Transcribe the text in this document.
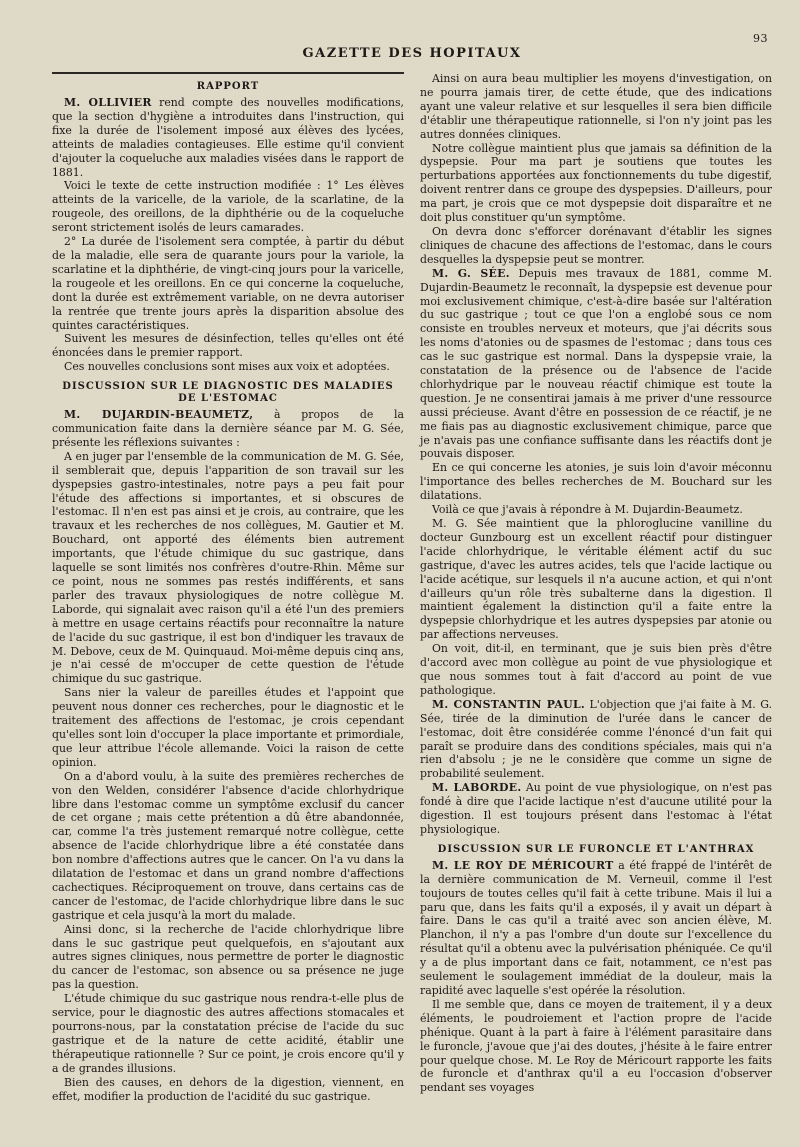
93
GAZETTE DES HOPITAUX
RAPPORT

M. OLLIVIER rend compte des nouvelles modifications, que la section d'hygiène a introduites dans l'instruction, qui fixe la durée de l'isolement imposé aux élèves des lycées, atteints de maladies contagieuses. Elle estime qu'il convient d'ajouter la coqueluche aux maladies visées dans le rapport de 1881.

Voici le texte de cette instruction modifiée : 1° Les élèves atteints de la varicelle, de la variole, de la scarlatine, de la rougeole, des oreillons, de la diphthérie ou de la coqueluche seront strictement isolés de leurs camarades.

2° La durée de l'isolement sera comptée, à partir du début de la maladie, elle sera de quarante jours pour la variole, la scarlatine et la diphthérie, de vingt-cinq jours pour la varicelle, la rougeole et les oreillons. En ce qui concerne la coqueluche, dont la durée est extrêmement variable, on ne devra autoriser la rentrée que trente jours après la disparition absolue des quintes caractéristiques.

Suivent les mesures de désinfection, telles qu'elles ont été énoncées dans le premier rapport.

Ces nouvelles conclusions sont mises aux voix et adoptées.

DISCUSSION SUR LE DIAGNOSTIC DES MALADIES DE L'ESTOMAC

M. DUJARDIN-BEAUMETZ, à propos de la communication faite dans la dernière séance par M. G. Sée, présente les réflexions suivantes :

A en juger par l'ensemble de la communication de M. G. Sée, il semblerait que, depuis l'apparition de son travail sur les dyspepsies gastro-intestinales, notre pays a peu fait pour l'étude des affections si importantes, et si obscures de l'estomac. Il n'en est pas ainsi et je crois, au contraire, que les travaux et les recherches de nos collègues, M. Gautier et M. Bouchard, ont apporté des éléments bien autrement importants, que l'étude chimique du suc gastrique, dans laquelle se sont limités nos confrères d'outre-Rhin. Même sur ce point, nous ne sommes pas restés indifférents, et sans parler des travaux physiologiques de notre collègue M. Laborde, qui signalait avec raison qu'il a été l'un des premiers à mettre en usage certains réactifs pour reconnaître la nature de l'acide du suc gastrique, il est bon d'indiquer les travaux de M. Debove, ceux de M. Quinquaud. Moi-même depuis cinq ans, je n'ai cessé de m'occuper de cette question de l'étude chimique du suc gastrique.

Sans nier la valeur de pareilles études et l'appoint que peuvent nous donner ces recherches, pour le diagnostic et le traitement des affections de l'estomac, je crois cependant qu'elles sont loin d'occuper la place importante et primordiale, que leur attribue l'école allemande. Voici la raison de cette opinion.

On a d'abord voulu, à la suite des premières recherches de von den Welden, considérer l'absence d'acide chlorhydrique libre dans l'estomac comme un symptôme exclusif du cancer de cet organe ; mais cette prétention a dû être abandonnée, car, comme l'a très justement remarqué notre collègue, cette absence de l'acide chlorhydrique libre a été constatée dans bon nombre d'affections autres que le cancer. On l'a vu dans la dilatation de l'estomac et dans un grand nombre d'affections cachectiques. Réciproquement on trouve, dans certains cas de cancer de l'estomac, de l'acide chlorhydrique libre dans le suc gastrique et cela jusqu'à la mort du malade.

Ainsi donc, si la recherche de l'acide chlorhydrique libre dans le suc gastrique peut quelquefois, en s'ajoutant aux autres signes cliniques, nous permettre de porter le diagnostic du cancer de l'estomac, son absence ou sa présence ne juge pas la question.

L'étude chimique du suc gastrique nous rendra-t-elle plus de service, pour le diagnostic des autres affections stomacales et pourrons-nous, par la constatation précise de l'acide du suc gastrique et de la nature de cette acidité, établir une thérapeutique rationnelle ? Sur ce point, je crois encore qu'il y a de grandes illusions.

Bien des causes, en dehors de la digestion, viennent, en effet, modifier la production de l'acidité du suc gastrique.

Ainsi on aura beau multiplier les moyens d'investigation, on ne pourra jamais tirer, de cette étude, que des indications ayant une valeur relative et sur lesquelles il sera bien difficile d'établir une thérapeutique rationnelle, si l'on n'y joint pas les autres données cliniques.

Notre collègue maintient plus que jamais sa définition de la dyspepsie. Pour ma part je soutiens que toutes les perturbations apportées aux fonctionnements du tube digestif, doivent rentrer dans ce groupe des dyspepsies. D'ailleurs, pour ma part, je crois que ce mot dyspepsie doit disparaître et ne doit plus constituer qu'un symptôme.

On devra donc s'efforcer dorénavant d'établir les signes cliniques de chacune des affections de l'estomac, dans le cours desquelles la dyspepsie peut se montrer.

M. G. SÉE. Depuis mes travaux de 1881, comme M. Dujardin-Beaumetz le reconnaît, la dyspepsie est devenue pour moi exclusivement chimique, c'est-à-dire basée sur l'altération du suc gastrique ; tout ce que l'on a englobé sous ce nom consiste en troubles nerveux et moteurs, que j'ai décrits sous les noms d'atonies ou de spasmes de l'estomac ; dans tous ces cas le suc gastrique est normal. Dans la dyspepsie vraie, la constatation de la présence ou de l'absence de l'acide chlorhydrique par le nouveau réactif chimique est toute la question. Je ne consentirai jamais à me priver d'une ressource aussi précieuse. Avant d'être en possession de ce réactif, je ne me fiais pas au diagnostic exclusivement chimique, parce que je n'avais pas une confiance suffisante dans les réactifs dont je pouvais disposer.

En ce qui concerne les atonies, je suis loin d'avoir méconnu l'importance des belles recherches de M. Bouchard sur les dilatations.

Voilà ce que j'avais à répondre à M. Dujardin-Beaumetz.

M. G. Sée maintient que la phloroglucine vanilline du docteur Gunzbourg est un excellent réactif pour distinguer l'acide chlorhydrique, le véritable élément actif du suc gastrique, d'avec les autres acides, tels que l'acide lactique ou l'acide acétique, sur lesquels il n'a aucune action, et qui n'ont d'ailleurs qu'un rôle très subalterne dans la digestion. Il maintient également la distinction qu'il a faite entre la dyspepsie chlorhydrique et les autres dyspepsies par atonie ou par affections nerveuses.

On voit, dit-il, en terminant, que je suis bien près d'être d'accord avec mon collègue au point de vue physiologique et que nous sommes tout à fait d'accord au point de vue pathologique.

M. CONSTANTIN PAUL. L'objection que j'ai faite à M. G. Sée, tirée de la diminution de l'urée dans le cancer de l'estomac, doit être considérée comme l'énoncé d'un fait qui paraît se produire dans des conditions spéciales, mais qui n'a rien d'absolu ; je ne le considère que comme un signe de probabilité seulement.

M. LABORDE. Au point de vue physiologique, on n'est pas fondé à dire que l'acide lactique n'est d'aucune utilité pour la digestion. Il est toujours présent dans l'estomac à l'état physiologique.

DISCUSSION SUR LE FURONCLE ET L'ANTHRAX

M. LE ROY DE MÉRICOURT a été frappé de l'intérêt de la dernière communication de M. Verneuil, comme il l'est toujours de toutes celles qu'il fait à cette tribune. Mais il lui a paru que, dans les faits qu'il a exposés, il y avait un départ à faire. Dans le cas qu'il a traité avec son ancien élève, M. Planchon, il n'y a pas l'ombre d'un doute sur l'excellence du résultat qu'il a obtenu avec la pulvérisation phéniquée. Ce qu'il y a de plus important dans ce fait, notamment, ce n'est pas seulement le soulagement immédiat de la douleur, mais la rapidité avec laquelle s'est opérée la résolution.

Il me semble que, dans ce moyen de traitement, il y a deux éléments, le poudroiement et l'action propre de l'acide phénique. Quant à la part à faire à l'élément parasitaire dans le furoncle, j'avoue que j'ai des doutes, j'hésite à le faire entrer pour quelque chose. M. Le Roy de Méricourt rapporte les faits de furoncle et d'anthrax qu'il a eu l'occasion d'observer pendant ses voyages
